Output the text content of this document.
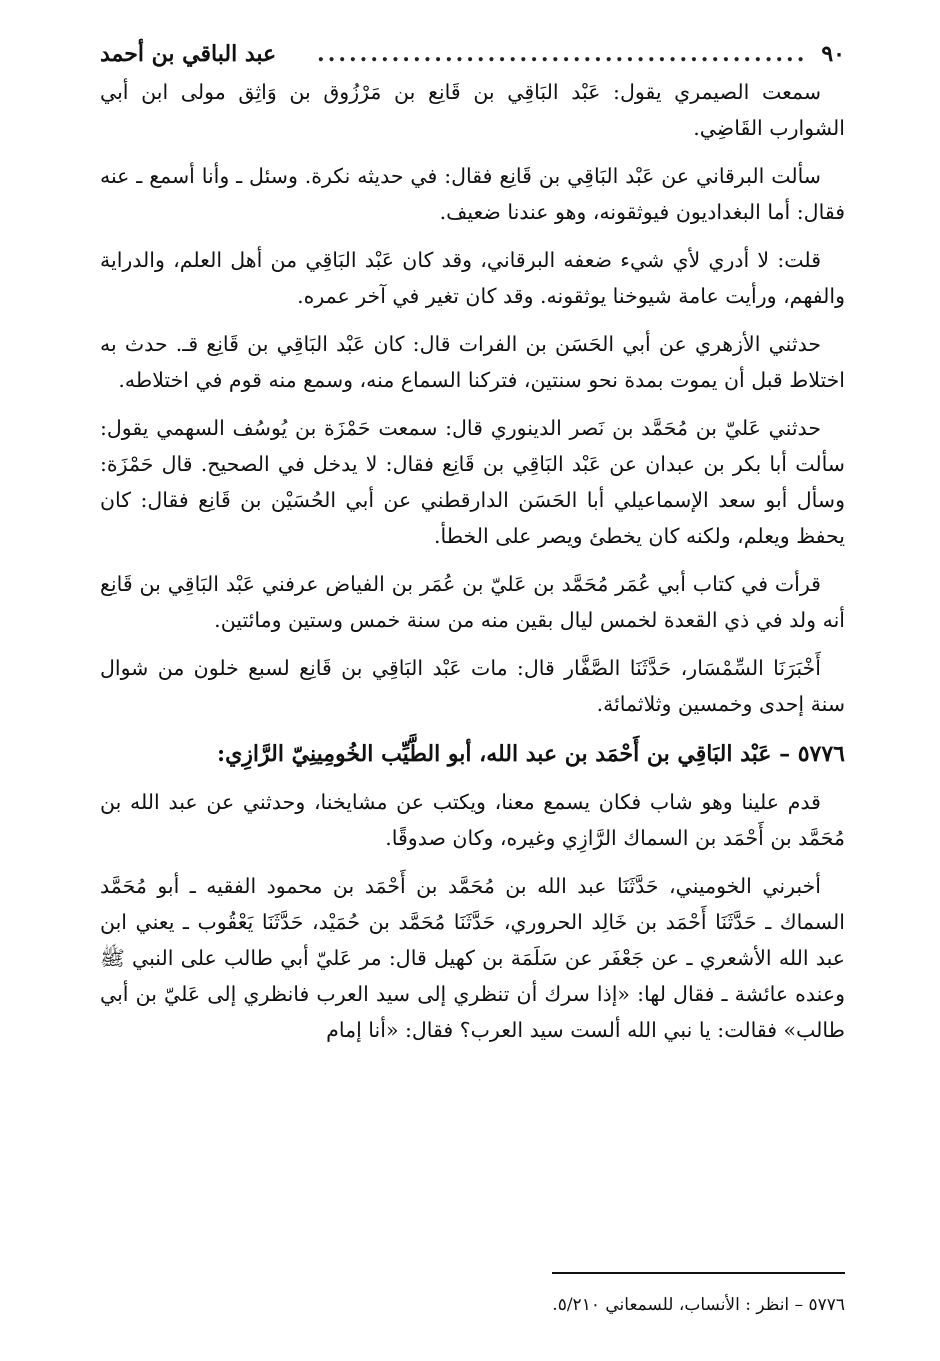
٩٠
..............................................
عبد الباقي بن أحمد

سمعت الصيمري يقول: عَبْد البَاقِي بن قَانِع بن مَرْزُوق بن وَاثِق مولى ابن أبي الشوارب القَاضِي.

سألت البرقاني عن عَبْد البَاقِي بن قَانِع فقال: في حديثه نكرة. وسئل ـ وأنا أسمع ـ عنه فقال: أما البغداديون فيوثقونه، وهو عندنا ضعيف.

قلت: لا أدري لأي شيء ضعفه البرقاني، وقد كان عَبْد البَاقِي من أهل العلم، والدراية والفهم، ورأيت عامة شيوخنا يوثقونه. وقد كان تغير في آخر عمره.

حدثني الأزهري عن أبي الحَسَن بن الفرات قال: كان عَبْد البَاقِي بن قَانِع قـ. حدث به اختلاط قبل أن يموت بمدة نحو سنتين، فتركنا السماع منه، وسمع منه قوم في اختلاطه.

حدثني عَليّ بن مُحَمَّد بن نَصر الدينوري قال: سمعت حَمْزَة بن يُوسُف السهمي يقول: سألت أبا بكر بن عبدان عن عَبْد البَاقِي بن قَانِع فقال: لا يدخل في الصحيح. قال حَمْزَة: وسأل أبو سعد الإسماعيلي أبا الحَسَن الدارقطني عن أبي الحُسَيْن بن قَانِع فقال: كان يحفظ ويعلم، ولكنه كان يخطئ ويصر على الخطأ.

قرأت في كتاب أبي عُمَر مُحَمَّد بن عَليّ بن عُمَر بن الفياض عرفني عَبْد البَاقِي بن قَانِع أنه ولد في ذي القعدة لخمس ليال بقين منه من سنة خمس وستين ومائتين.

أَخْبَرَنَا السِّمْسَار، حَدَّثَنَا الصَّفَّار قال: مات عَبْد البَاقِي بن قَانِع لسبع خلون من شوال سنة إحدى وخمسين وثلاثمائة.

٥٧٧٦ – عَبْد البَاقِي بن أَحْمَد بن عبد الله، أبو الطَّيِّب الخُومِينِيّ الرَّازِي:

قدم علينا وهو شاب فكان يسمع معنا، ويكتب عن مشايخنا، وحدثني عن عبد الله بن مُحَمَّد بن أَحْمَد بن السماك الرَّازِي وغيره، وكان صدوقًا.

أخبرني الخوميني، حَدَّثَنَا عبد الله بن مُحَمَّد بن أَحْمَد بن محمود الفقيه ـ أبو مُحَمَّد السماك ـ حَدَّثَنَا أَحْمَد بن خَالِد الحروري، حَدَّثَنَا مُحَمَّد بن حُمَيْد، حَدَّثَنَا يَعْقُوب ـ يعني ابن عبد الله الأشعري ـ عن جَعْفَر عن سَلَمَة بن كهيل قال: مر عَليّ أبي طالب على النبي ﷺ وعنده عائشة ـ فقال لها: «إذا سرك أن تنظري إلى سيد العرب فانظري إلى عَليّ بن أبي طالب» فقالت: يا نبي الله ألست سيد العرب؟ فقال: «أنا إمام

٥٧٧٦ – انظر : الأنساب، للسمعاني ٥/٢١٠.
